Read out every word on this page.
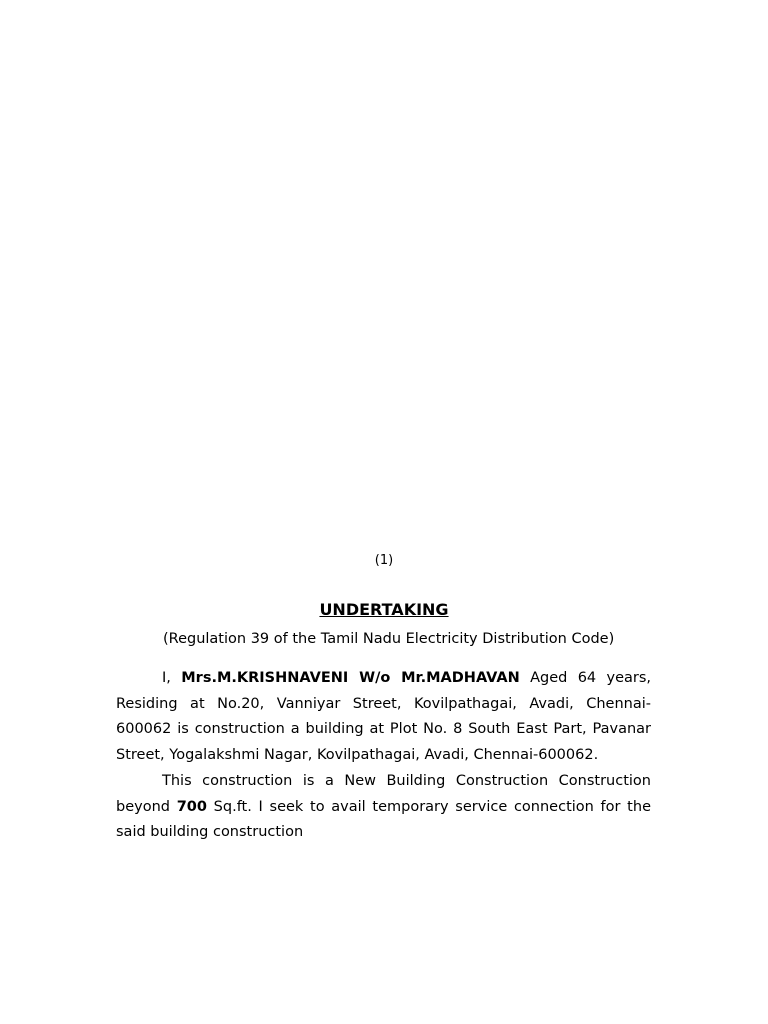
(1)
UNDERTAKING
(Regulation 39 of the Tamil Nadu Electricity Distribution Code)

I, Mrs.M.KRISHNAVENI W/o Mr.MADHAVAN Aged 64 years, Residing at No.20, Vanniyar Street, Kovilpathagai, Avadi, Chennai-600062 is construction a building at Plot No. 8 South East Part, Pavanar Street, Yogalakshmi Nagar, Kovilpathagai, Avadi, Chennai-600062.

This construction is a New Building Construction Construction beyond 700 Sq.ft. I seek to avail temporary service connection for the said building construction
